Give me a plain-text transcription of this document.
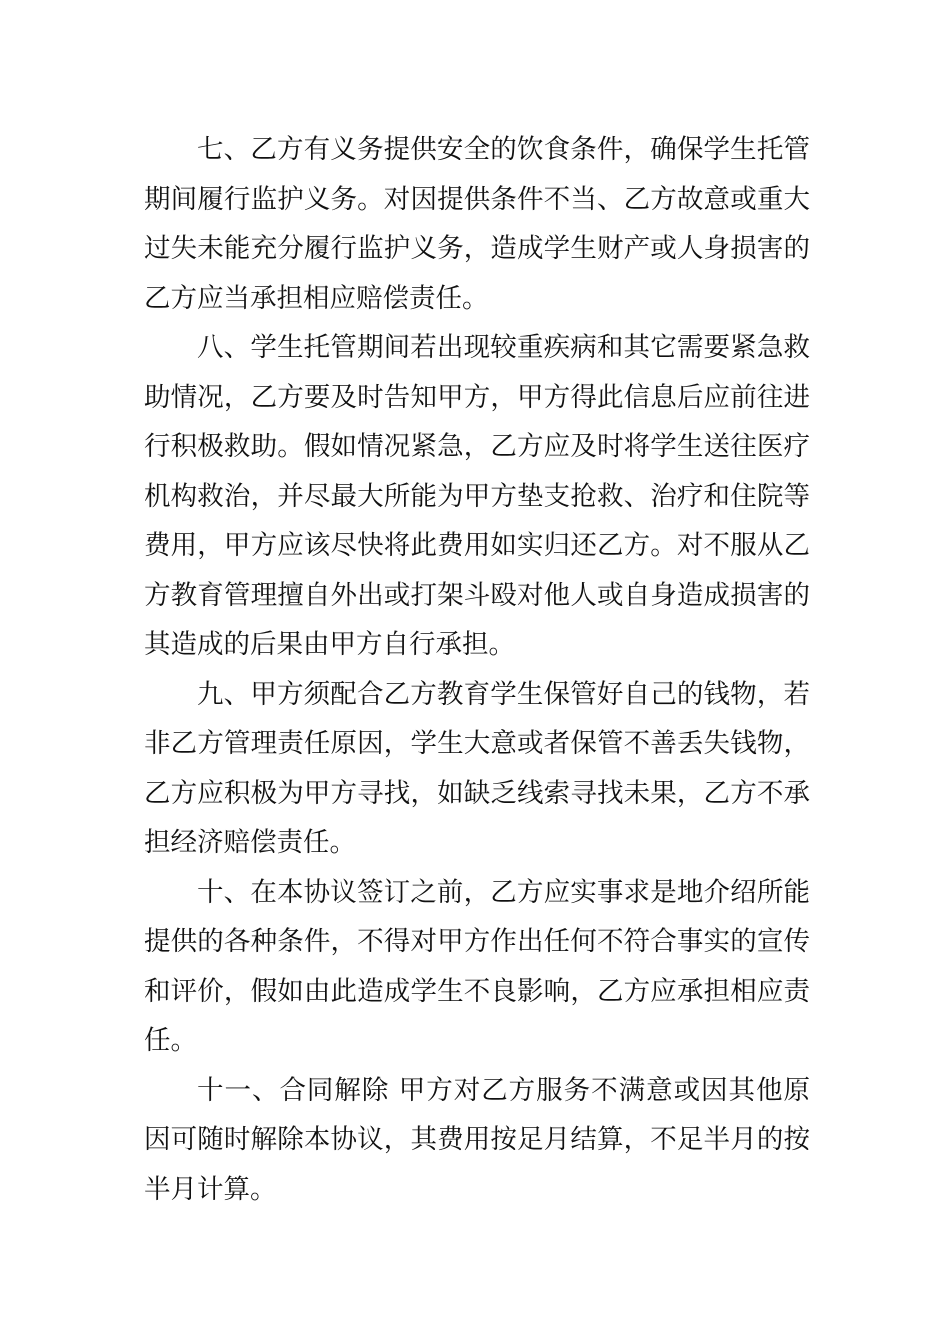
七、乙方有义务提供安全的饮食条件，确保学生托管期间履行监护义务。对因提供条件不当、乙方故意或重大过失未能充分履行监护义务，造成学生财产或人身损害的乙方应当承担相应赔偿责任。

八、学生托管期间若出现较重疾病和其它需要紧急救助情况，乙方要及时告知甲方，甲方得此信息后应前往进行积极救助。假如情况紧急，乙方应及时将学生送往医疗机构救治，并尽最大所能为甲方垫支抢救、治疗和住院等费用，甲方应该尽快将此费用如实归还乙方。对不服从乙方教育管理擅自外出或打架斗殴对他人或自身造成损害的其造成的后果由甲方自行承担。

九、甲方须配合乙方教育学生保管好自己的钱物，若非乙方管理责任原因，学生大意或者保管不善丢失钱物，乙方应积极为甲方寻找，如缺乏线索寻找未果，乙方不承担经济赔偿责任。

十、在本协议签订之前，乙方应实事求是地介绍所能提供的各种条件，不得对甲方作出任何不符合事实的宣传和评价，假如由此造成学生不良影响，乙方应承担相应责任。

十一、合同解除 甲方对乙方服务不满意或因其他原因可随时解除本协议，其费用按足月结算，不足半月的按半月计算。
